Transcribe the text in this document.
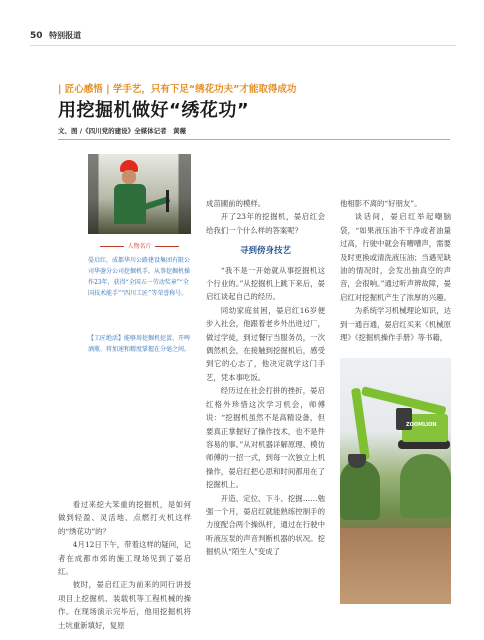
50 特别报道
| 匠心感悟 | 学手艺，只有下足“绣花功夫”才能取得成功
用挖掘机做好“绣花功”
文、图 /《四川党的建设》全媒体记者　黄薇
人物名片
晏启红，成都华川公路建设集团有限公司华蓥分公司挖掘机手，从事挖掘机操作23年，获得“全国五一劳动奖章”“全国技术能手”“四川工匠”等荣誉称号。
【工匠绝活】能够用挖掘机挖蛋、开啤酒瓶、将加速和精度掌握在分毫之间。

看过来挖大笨重的挖掘机，是如何做到轻盈、灵活地、点燃打火机这样的“绣花功”的？

4月12日下午，带着这样的疑问，记者在成都市郊的施工现场见到了晏启红。

彼时，晏启红正为前来的同行讲授项目上挖掘机、装载机等工程机械的操作。在现场演示完毕后，他用挖掘机将土坑重新填好，复原

成苗圃前的模样。

开了23年的挖掘机，晏启红会给我们一个什么样的答案呢？

寻到傍身技艺

“我不是一开始就从事挖掘机这个行业的。”从挖掘机上跳下来后，晏启红谈起自己的经历。

同幼家庭贫困，晏启红16岁便步入社会，他跟着老乡外出进过厂，做过学徒，到过餐厅当服务员，一次偶然机会，在接触到挖掘机后，感受到它的心志了，他决定就学这门手艺，凭本事吃饭。

经历过在社会打拼的挫折，晏启红格外珍惜这次学习机会，师傅说：“挖掘机虽然不是高精设备，但要真正掌握好了操作技术，也不是件容易的事。”从对机器详解原理、模仿师傅的一招一式，到每一次独立上机操作，晏启红把心思和时间都用在了挖掘机上。

开造、定位、下斗、挖掘……勉强一个月，晏启红就能熟练控制手的力度配合两个操纵杆，通过在行驶中听液压泵的声音判断机器的状况。挖掘机从“陌生人”变成了

他相影不离的“好朋友”。

谈话间，晏启红举起嘲脑袋，“如果液压油不干净或者油量过高，行驶中就会有嘈嘈声，需要及时更换或清洗液压油；当遇见缺油的情况时，会发出抽真空的声音，会很响。”通过听声辨故障，晏启红对挖掘机产生了浓厚的兴趣。

为系统学习机械理论知识，达到一通百通，晏启红买来《机械原理》《挖掘机操作手册》等书籍，

ZOOMLION
